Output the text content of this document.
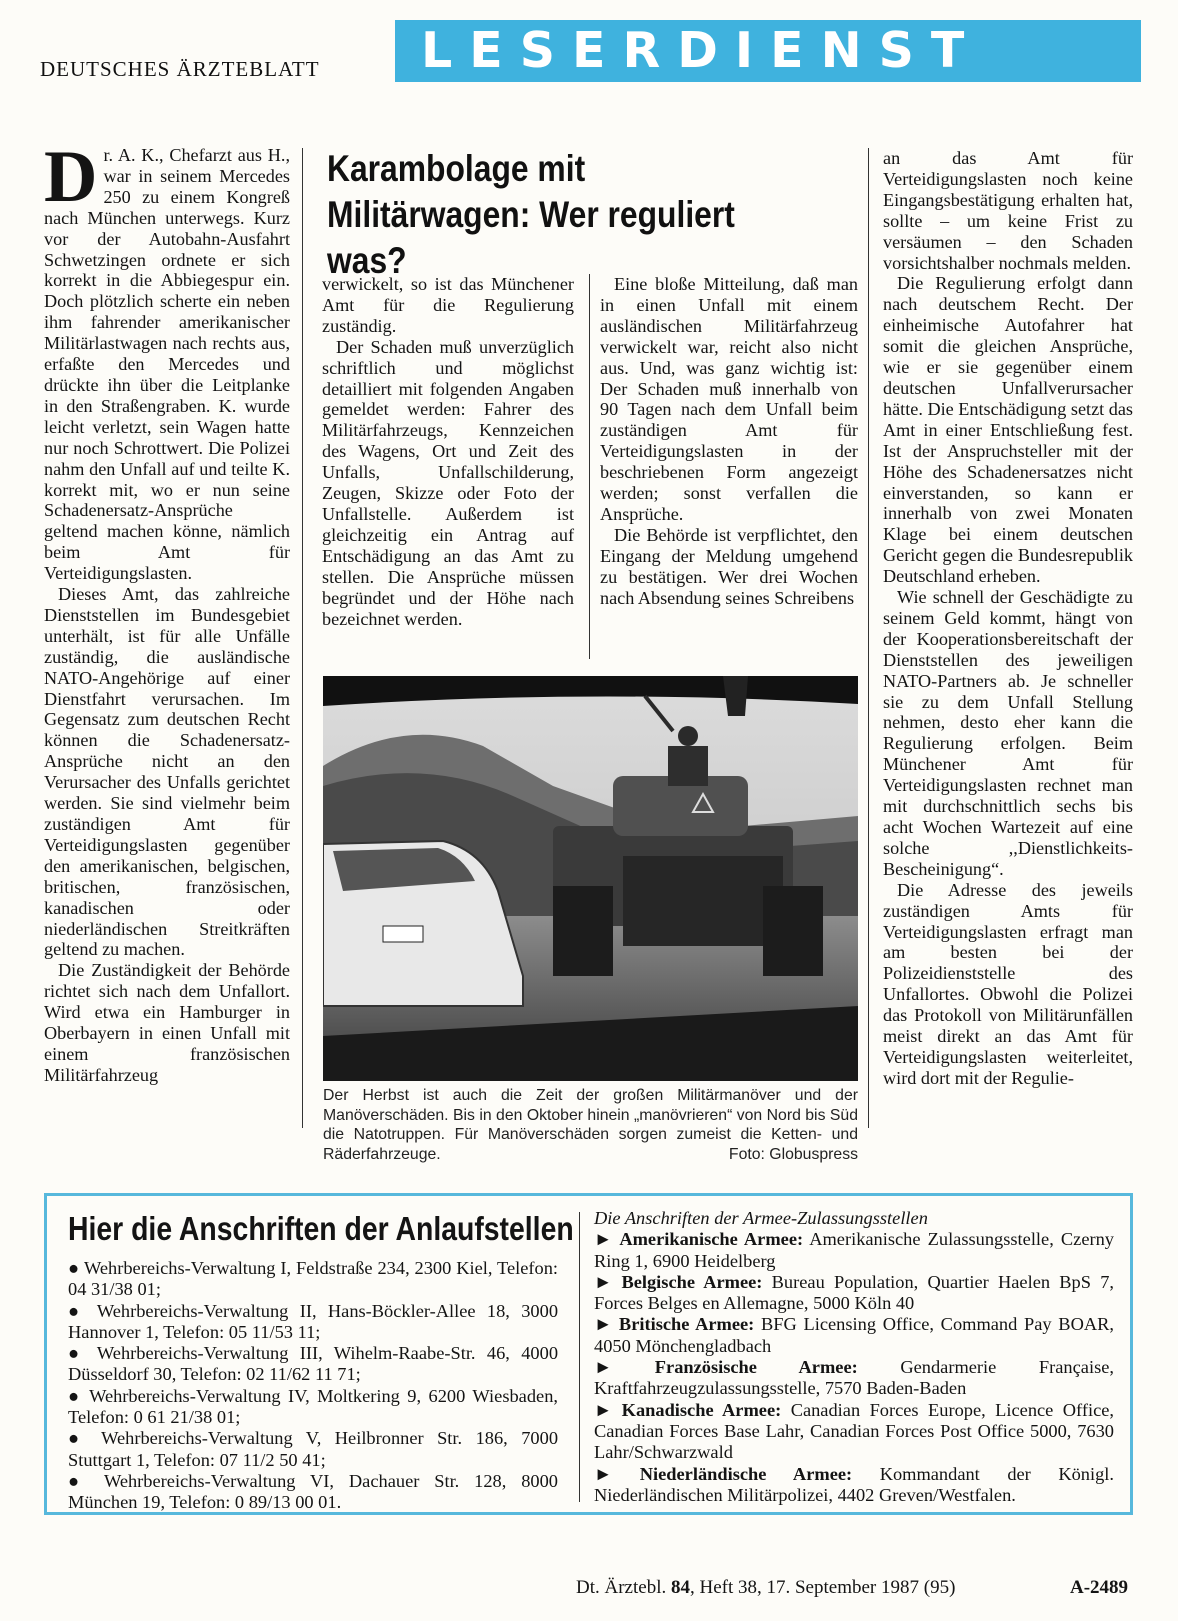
DEUTSCHES ÄRZTEBLATT LESERDIENST

Dr. A. K., Chefarzt aus H., war in seinem Mercedes 250 zu einem Kongreß nach München unterwegs. Kurz vor der Autobahn-Ausfahrt Schwetzingen ordnete er sich korrekt in die Abbiegespur ein. Doch plötzlich scherte ein neben ihm fahrender amerikanischer Militärlastwagen nach rechts aus, erfaßte den Mercedes und drückte ihn über die Leitplanke in den Straßengraben. K. wurde leicht verletzt, sein Wagen hatte nur noch Schrottwert. Die Polizei nahm den Unfall auf und teilte K. korrekt mit, wo er nun seine Schadenersatz-Ansprüche geltend machen könne, nämlich beim Amt für Verteidigungslasten.

Dieses Amt, das zahlreiche Dienststellen im Bundesgebiet unterhält, ist für alle Unfälle zuständig, die ausländische NATO-Angehörige auf einer Dienstfahrt verursachen. Im Gegensatz zum deutschen Recht können die Schadenersatz-Ansprüche nicht an den Verursacher des Unfalls gerichtet werden. Sie sind vielmehr beim zuständigen Amt für Verteidigungslasten gegenüber den amerikanischen, belgischen, britischen, französischen, kanadischen oder niederländischen Streitkräften geltend zu machen.

Die Zuständigkeit der Behörde richtet sich nach dem Unfallort. Wird etwa ein Hamburger in Oberbayern in einen Unfall mit einem französischen Militärfahrzeug

Karambolage mit Militärwagen: Wer reguliert was?

verwickelt, so ist das Münchener Amt für die Regulierung zuständig.

Der Schaden muß unverzüglich schriftlich und möglichst detailliert mit folgenden Angaben gemeldet werden: Fahrer des Militärfahrzeugs, Kennzeichen des Wagens, Ort und Zeit des Unfalls, Unfallschilderung, Zeugen, Skizze oder Foto der Unfallstelle. Außerdem ist gleichzeitig ein Antrag auf Entschädigung an das Amt zu stellen. Die Ansprüche müssen begründet und der Höhe nach bezeichnet werden.

Eine bloße Mitteilung, daß man in einen Unfall mit einem ausländischen Militärfahrzeug verwickelt war, reicht also nicht aus. Und, was ganz wichtig ist: Der Schaden muß innerhalb von 90 Tagen nach dem Unfall beim zuständigen Amt für Verteidigungslasten in der beschriebenen Form angezeigt werden; sonst verfallen die Ansprüche.

Die Behörde ist verpflichtet, den Eingang der Meldung umgehend zu bestätigen. Wer drei Wochen nach Absendung seines Schreibens

an das Amt für Verteidigungslasten noch keine Eingangsbestätigung erhalten hat, sollte – um keine Frist zu versäumen – den Schaden vorsichtshalber nochmals melden.

Die Regulierung erfolgt dann nach deutschem Recht. Der einheimische Autofahrer hat somit die gleichen Ansprüche, wie er sie gegenüber einem deutschen Unfallverursacher hätte. Die Entschädigung setzt das Amt in einer Entschließung fest. Ist der Anspruchsteller mit der Höhe des Schadenersatzes nicht einverstanden, so kann er innerhalb von zwei Monaten Klage bei einem deutschen Gericht gegen die Bundesrepublik Deutschland erheben.

Wie schnell der Geschädigte zu seinem Geld kommt, hängt von der Kooperationsbereitschaft der Dienststellen des jeweiligen NATO-Partners ab. Je schneller sie zu dem Unfall Stellung nehmen, desto eher kann die Regulierung erfolgen. Beim Münchener Amt für Verteidigungslasten rechnet man mit durchschnittlich sechs bis acht Wochen Wartezeit auf eine solche ,,Dienstlichkeits-Bescheinigung“.

Die Adresse des jeweils zuständigen Amts für Verteidigungslasten erfragt man am besten bei der Polizeidienststelle des Unfallortes. Obwohl die Polizei das Protokoll von Militärunfällen meist direkt an das Amt für Verteidigungslasten weiterleitet, wird dort mit der Regulie-

Der Herbst ist auch die Zeit der großen Militärmanöver und der Manöverschäden. Bis in den Oktober hinein „manövrieren“ von Nord bis Süd die Natotruppen. Für Manöverschäden sorgen zumeist die Ketten- und Räderfahrzeuge.	Foto: Globuspress
Hier die Anschriften der Anlaufstellen

● Wehrbereichs-Verwaltung I, Feldstraße 234, 2300 Kiel, Telefon: 04 31/38 01;

● Wehrbereichs-Verwaltung II, Hans-Böckler-Allee 18, 3000 Hannover 1, Telefon: 05 11/53 11;

● Wehrbereichs-Verwaltung III, Wihelm-Raabe-Str. 46, 4000 Düsseldorf 30, Telefon: 02 11/62 11 71;

● Wehrbereichs-Verwaltung IV, Moltkering 9, 6200 Wiesbaden, Telefon: 0 61 21/38 01;

● Wehrbereichs-Verwaltung V, Heilbronner Str. 186, 7000 Stuttgart 1, Telefon: 07 11/2 50 41;

● Wehrbereichs-Verwaltung VI, Dachauer Str. 128, 8000 München 19, Telefon: 0 89/13 00 01.

Die Anschriften der Armee-Zulassungsstellen

► Amerikanische Armee: Amerikanische Zulassungsstelle, Czerny Ring 1, 6900 Heidelberg

► Belgische Armee: Bureau Population, Quartier Haelen BpS 7, Forces Belges en Allemagne, 5000 Köln 40

► Britische Armee: BFG Licensing Office, Command Pay BOAR, 4050 Mönchengladbach

► Französische Armee: Gendarmerie Française, Kraftfahrzeugzulassungsstelle, 7570 Baden-Baden

► Kanadische Armee: Canadian Forces Europe, Licence Office, Canadian Forces Base Lahr, Canadian Forces Post Office 5000, 7630 Lahr/Schwarzwald

► Niederländische Armee: Kommandant der Königl. Niederländischen Militärpolizei, 4402 Greven/Westfalen.

Dt. Ärztebl. 84, Heft 38, 17. September 1987 (95)	A-2489
